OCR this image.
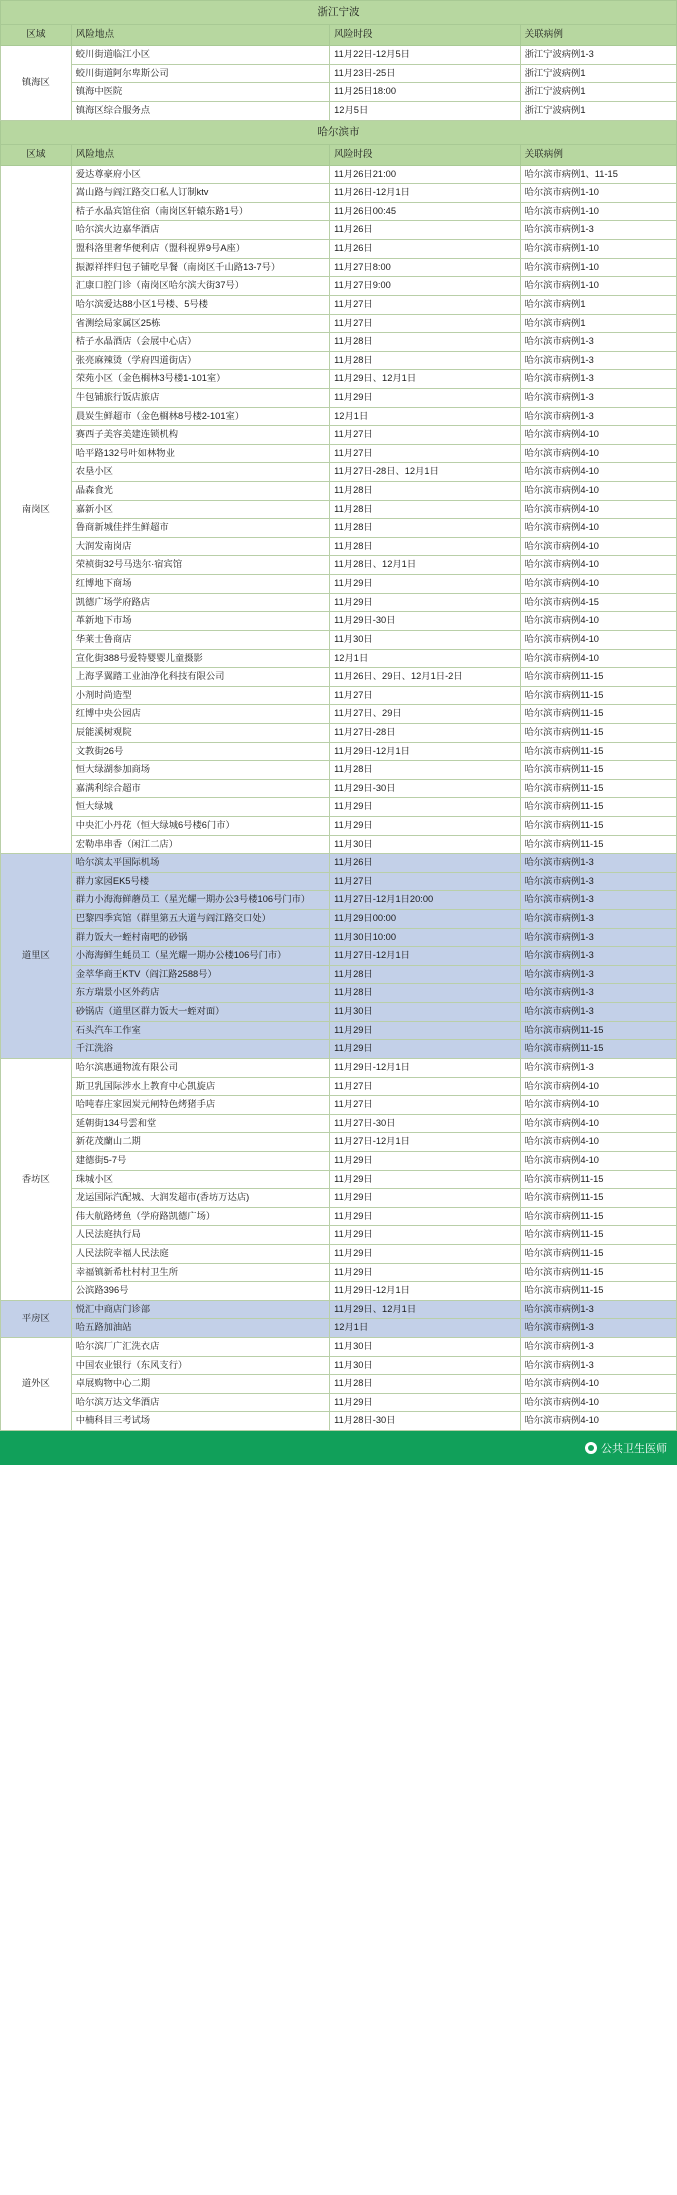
浙江宁波			
区域	风险地点	风险时段	关联病例
镇海区	蛟川街道临江小区	11月22日-12月5日	浙江宁波病例1-3
	蛟川街道阿尔卑斯公司	11月23日-25日	浙江宁波病例1
	镇海中医院	11月25日18:00	浙江宁波病例1
	镇海区综合服务点	12月5日	浙江宁波病例1
哈尔滨市			
区域	风险地点	风险时段	关联病例
南岗区	爱达尊豪府小区	11月26日21:00	哈尔滨市病例1、11-15
	嵩山路与阎江路交口私人订制ktv	11月26日-12月1日	哈尔滨市病例1-10
	桔子水晶宾馆住宿（南岗区轩辕东路1号）	11月26日00:45	哈尔滨市病例1-10
	哈尔滨火边嘉华酒店	11月26日	哈尔滨市病例1-3
	盟科洛里奢华便利店（盟科视界9号A座）	11月26日	哈尔滨市病例1-10
	振源祥拌归包子铺吃早餐（南岗区千山路13-7号）	11月27日8:00	哈尔滨市病例1-10
	汇康口腔门诊（南岗区哈尔滨大街37号）	11月27日9:00	哈尔滨市病例1-10
	哈尔滨爱达88小区1号楼、5号楼	11月27日	哈尔滨市病例1
	省测绘局家属区25栋	11月27日	哈尔滨市病例1
	桔子水晶酒店（会展中心店）	11月28日	哈尔滨市病例1-3
	张亮麻辣烫（学府四道街店）	11月28日	哈尔滨市病例1-3
	荣苑小区（金色榈林3号楼1-101室）	11月29日、12月1日	哈尔滨市病例1-3
	牛包铺旅行饭店旅店	11月29日	哈尔滨市病例1-3
	晨炭生鲜超市（金色榈林8号楼2-101室）	12月1日	哈尔滨市病例1-3
	赛西子美容美建连锁机构	11月27日	哈尔滨市病例4-10
	哈平路132号叶如林物业	11月27日	哈尔滨市病例4-10
	农垦小区	11月27日-28日、12月1日	哈尔滨市病例4-10
	晶森食光	11月28日	哈尔滨市病例4-10
	嘉新小区	11月28日	哈尔滨市病例4-10
	鲁商新城佳拌生鲜超市	11月28日	哈尔滨市病例4-10
	大润发南岗店	11月28日	哈尔滨市病例4-10
	荣祯街32号马迭尔·宿宾馆	11月28日、12月1日	哈尔滨市病例4-10
	红博地下商场	11月29日	哈尔滨市病例4-10
	凯德广场学府路店	11月29日	哈尔滨市病例4-15
	革新地下市场	11月29日-30日	哈尔滨市病例4-10
	华莱士鲁商店	11月30日	哈尔滨市病例4-10
	宣化街388号爱特婴婴儿童摄影	12月1日	哈尔滨市病例4-10
	上海孚翼踏工业油净化科技有限公司	11月26日、29日、12月1日-2日	哈尔滨市病例11-15
	小剂时尚造型	11月27日	哈尔滨市病例11-15
	红博中央公园店	11月27日、29日	哈尔滨市病例11-15
	辰能溪树观院	11月27日-28日	哈尔滨市病例11-15
	文教街26号	11月29日-12月1日	哈尔滨市病例11-15
	恒大绿湖参加商场	11月28日	哈尔滨市病例11-15
	嘉满利综合超市	11月29日-30日	哈尔滨市病例11-15
	恒大绿城	11月29日	哈尔滨市病例11-15
	中央汇小丹花（恒大绿城6号楼6门市）	11月29日	哈尔滨市病例11-15
	宏勒串串香（闲江二店）	11月30日	哈尔滨市病例11-15
道里区	哈尔滨太平国际机场	11月26日	哈尔滨市病例1-3
	群力家园EK5号楼	11月27日	哈尔滨市病例1-3
	群力小海海鲜蘑员工（星光耀一期办公3号楼106号门市）	11月27日-12月1日20:00	哈尔滨市病例1-3
	巴黎四季宾馆（群里第五大道与阎江路交口处）	11月29日00:00	哈尔滨市病例1-3
	群力饭大一蛭村南吧的砂锅	11月30日10:00	哈尔滨市病例1-3
	小海海鲜生蚝员工（星光耀一期办公楼106号门市）	11月27日-12月1日	哈尔滨市病例1-3
	金萃华商王KTV（阎江路2588号）	11月28日	哈尔滨市病例1-3
	东方瑞景小区外药店	11月28日	哈尔滨市病例1-3
	砂锅店（道里区群力饭大一蛭对面）	11月30日	哈尔滨市病例1-3
	石头汽车工作室	11月29日	哈尔滨市病例11-15
	千江洗浴	11月29日	哈尔滨市病例11-15
香坊区	哈尔滨惠通物流有限公司	11月29日-12月1日	哈尔滨市病例1-3
	斯卫乳国际涉水上教育中心凯旋店	11月27日	哈尔滨市病例4-10
	哈吨春庄家园炭元闸特色烤猪手店	11月27日	哈尔滨市病例4-10
	延朝街134号雲和堂	11月27日-30日	哈尔滨市病例4-10
	新花茂蘭山二期	11月27日-12月1日	哈尔滨市病例4-10
	建德街5-7号	11月29日	哈尔滨市病例4-10
	珠城小区	11月29日	哈尔滨市病例11-15
	龙运国际汽配城、大润发超市(香坊万达店)	11月29日	哈尔滨市病例11-15
	伟大航路烤鱼（学府路凯德广场）	11月29日	哈尔滨市病例11-15
	人民法庭执行局	11月29日	哈尔滨市病例11-15
	人民法院幸福人民法庭	11月29日	哈尔滨市病例11-15
	幸福镇新希杜村村卫生所	11月29日	哈尔滨市病例11-15
	公滨路396号	11月29日-12月1日	哈尔滨市病例11-15
平房区	悦汇中商店门诊部	11月29日、12月1日	哈尔滨市病例1-3
	哈五路加油站	12月1日	哈尔滨市病例1-3
道外区	哈尔滨厂广汇洗衣店	11月30日	哈尔滨市病例1-3
	中国农业银行（东风支行）	11月30日	哈尔滨市病例1-3
	卓展购物中心二期	11月28日	哈尔滨市病例4-10
	哈尔滨万达文华酒店	11月29日	哈尔滨市病例4-10
	中楠科目三考试场	11月28日-30日	哈尔滨市病例4-10
公共卫生医师
